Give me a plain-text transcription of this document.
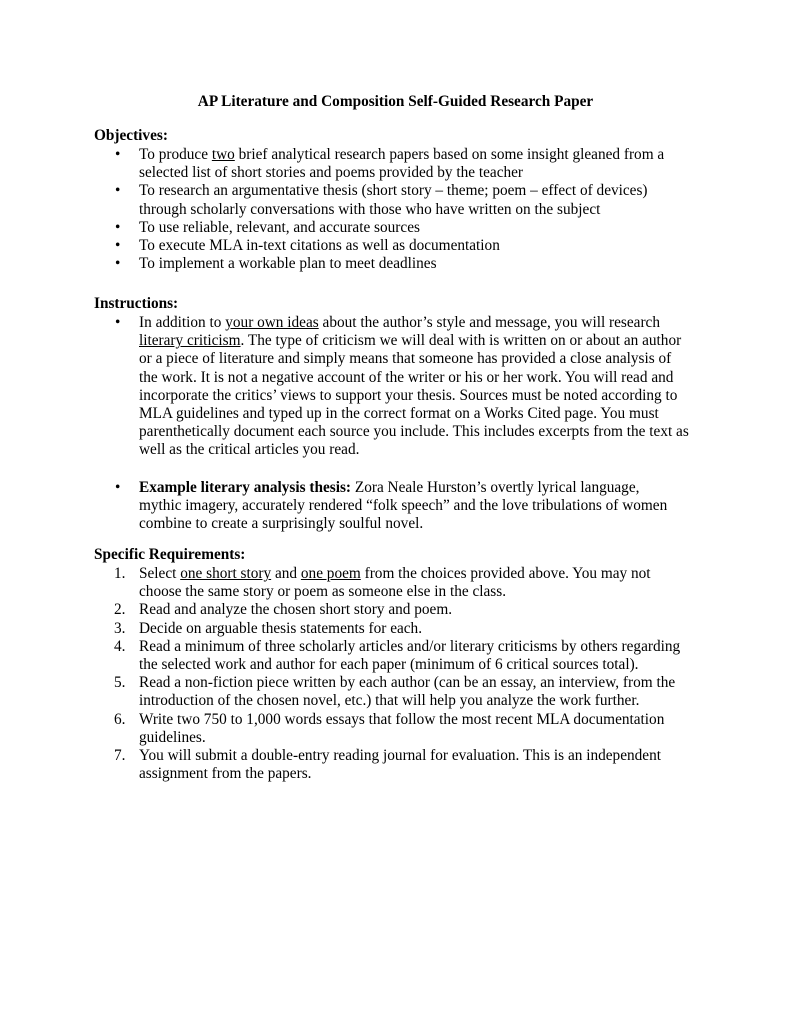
AP Literature and Composition Self-Guided Research Paper
Objectives:
• To produce two brief analytical research papers based on some insight gleaned from a selected list of short stories and poems provided by the teacher
• To research an argumentative thesis (short story – theme; poem – effect of devices) through scholarly conversations with those who have written on the subject
• To use reliable, relevant, and accurate sources
• To execute MLA in-text citations as well as documentation
• To implement a workable plan to meet deadlines
Instructions:
• In addition to your own ideas about the author’s style and message, you will research literary criticism. The type of criticism we will deal with is written on or about an author or a piece of literature and simply means that someone has provided a close analysis of the work. It is not a negative account of the writer or his or her work. You will read and incorporate the critics’ views to support your thesis. Sources must be noted according to MLA guidelines and typed up in the correct format on a Works Cited page. You must parenthetically document each source you include. This includes excerpts from the text as well as the critical articles you read.
• Example literary analysis thesis: Zora Neale Hurston’s overtly lyrical language, mythic imagery, accurately rendered “folk speech” and the love tribulations of women combine to create a surprisingly soulful novel.
Specific Requirements:
1. Select one short story and one poem from the choices provided above. You may not choose the same story or poem as someone else in the class.
2. Read and analyze the chosen short story and poem.
3. Decide on arguable thesis statements for each.
4. Read a minimum of three scholarly articles and/or literary criticisms by others regarding the selected work and author for each paper (minimum of 6 critical sources total).
5. Read a non-fiction piece written by each author (can be an essay, an interview, from the introduction of the chosen novel, etc.) that will help you analyze the work further.
6. Write two 750 to 1,000 words essays that follow the most recent MLA documentation guidelines.
7. You will submit a double-entry reading journal for evaluation. This is an independent assignment from the papers.
